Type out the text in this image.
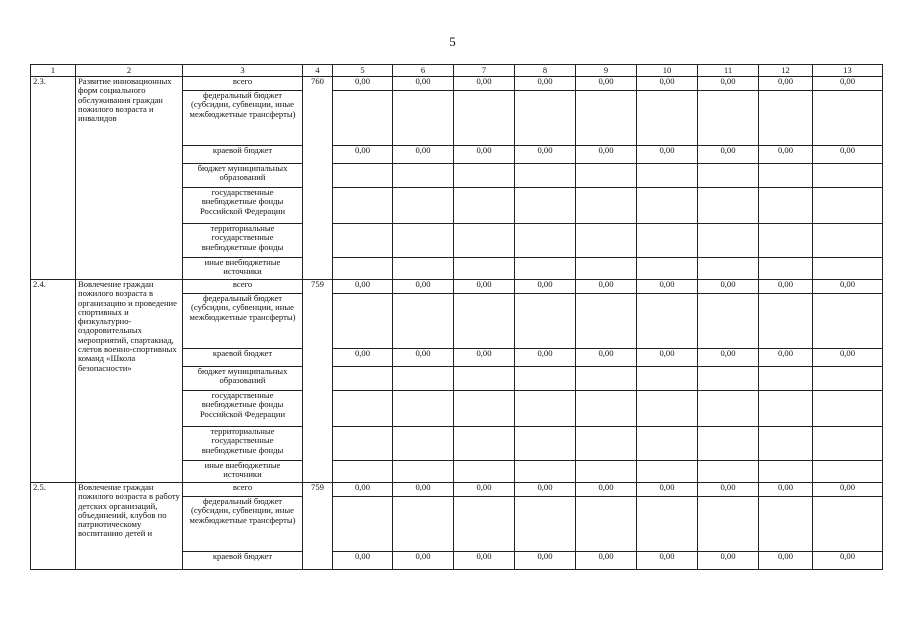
5
1	2	3	4	5	6	7	8	9	10	11	12	13
2.3.	Развитие инновационных форм социального обслуживания граждан пожилого возраста и инвалидов	всего	760	0,00	0,00	0,00	0,00	0,00	0,00	0,00	0,00	0,00
		федеральный бюджет (субсидии, субвенции, иные межбюджетные трансферты)										
		краевой бюджет		0,00	0,00	0,00	0,00	0,00	0,00	0,00	0,00	0,00
		бюджет муниципальных образований										
		государственные внебюджетные фонды Российской Федерации										
		территориальные государственные внебюджетные фонды										
		иные внебюджетные источники										
2.4.	Вовлечение граждан пожилого возраста в организацию и проведение спортивных и физкультурно-оздоровительных мероприятий, спартакиад, слетов военно-спортивных команд «Школа безопасности»	всего	759	0,00	0,00	0,00	0,00	0,00	0,00	0,00	0,00	0,00
		федеральный бюджет (субсидии, субвенции, иные межбюджетные трансферты)										
		краевой бюджет		0,00	0,00	0,00	0,00	0,00	0,00	0,00	0,00	0,00
		бюджет муниципальных образований										
		государственные внебюджетные фонды Российской Федерации										
		территориальные государственные внебюджетные фонды										
		иные внебюджетные источники										
2.5.	Вовлечение граждан пожилого возраста в работу детских организаций, объединений, клубов по патриотическому воспитанию детей и	всего	759	0,00	0,00	0,00	0,00	0,00	0,00	0,00	0,00	0,00
		федеральный бюджет (субсидии, субвенции, иные межбюджетные трансферты)										
		краевой бюджет		0,00	0,00	0,00	0,00	0,00	0,00	0,00	0,00	0,00
